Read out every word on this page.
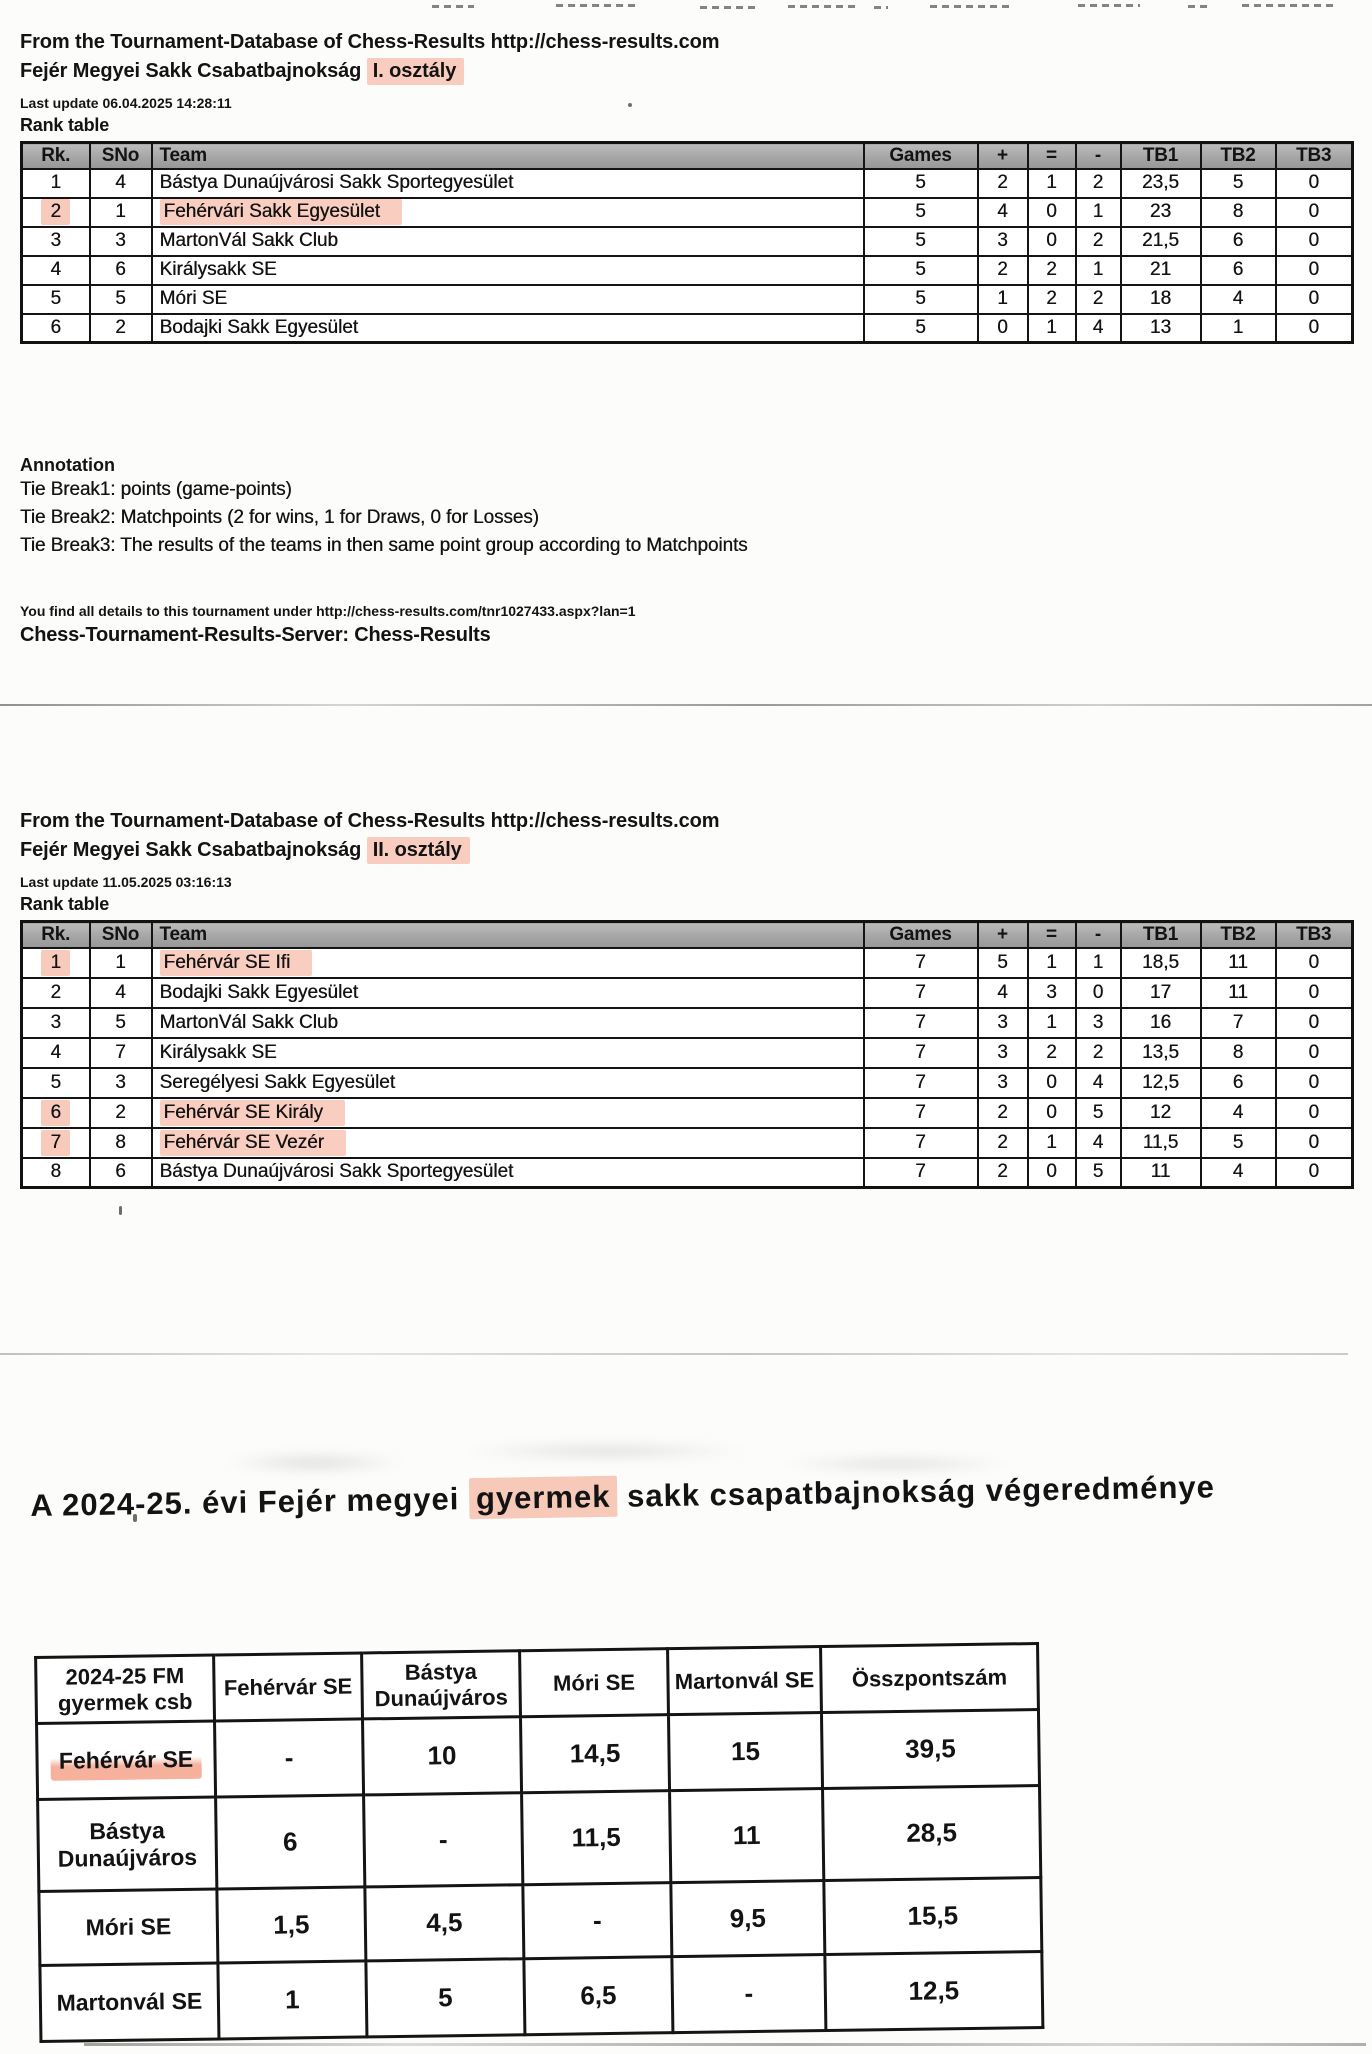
From the Tournament-Database of Chess-Results http://chess-results.com
Fejér Megyei Sakk Csabatbajnokság I. osztály
Last update 06.04.2025 14:28:11
Rank table
Rk.	SNo	Team	Games	+	=	-	TB1	TB2	TB3
1	4	Bástya Dunaújvárosi Sakk Sportegyesület	5	2	1	2	23,5	5	0
2	1	Fehérvári Sakk Egyesület	5	4	0	1	23	8	0
3	3	MartonVál Sakk Club	5	3	0	2	21,5	6	0
4	6	Királysakk SE	5	2	2	1	21	6	0
5	5	Móri SE	5	1	2	2	18	4	0
6	2	Bodajki Sakk Egyesület	5	0	1	4	13	1	0
Annotation
Tie Break1: points (game-points)
Tie Break2: Matchpoints (2 for wins, 1 for Draws, 0 for Losses)
Tie Break3: The results of the teams in then same point group according to Matchpoints
You find all details to this tournament under http://chess-results.com/tnr1027433.aspx?lan=1
Chess-Tournament-Results-Server: Chess-Results
From the Tournament-Database of Chess-Results http://chess-results.com
Fejér Megyei Sakk Csabatbajnokság II. osztály
Last update 11.05.2025 03:16:13
Rank table
Rk.	SNo	Team	Games	+	=	-	TB1	TB2	TB3
1	1	Fehérvár SE Ifi	7	5	1	1	18,5	11	0
2	4	Bodajki Sakk Egyesület	7	4	3	0	17	11	0
3	5	MartonVál Sakk Club	7	3	1	3	16	7	0
4	7	Királysakk SE	7	3	2	2	13,5	8	0
5	3	Seregélyesi Sakk Egyesület	7	3	0	4	12,5	6	0
6	2	Fehérvár SE Király	7	2	0	5	12	4	0
7	8	Fehérvár SE Vezér	7	2	1	4	11,5	5	0
8	6	Bástya Dunaújvárosi Sakk Sportegyesület	7	2	0	5	11	4	0
A 2024-25. évi Fejér megyei gyermek sakk csapatbajnokság végeredménye
2024-25 FM gyermek csb	Fehérvár SE	Bástya Dunaújváros	Móri SE	Martonvál SE	Összpontszám
Fehérvár SE	-	10	14,5	15	39,5
Bástya Dunaújváros	6	-	11,5	11	28,5
Móri SE	1,5	4,5	-	9,5	15,5
Martonvál SE	1	5	6,5	-	12,5
